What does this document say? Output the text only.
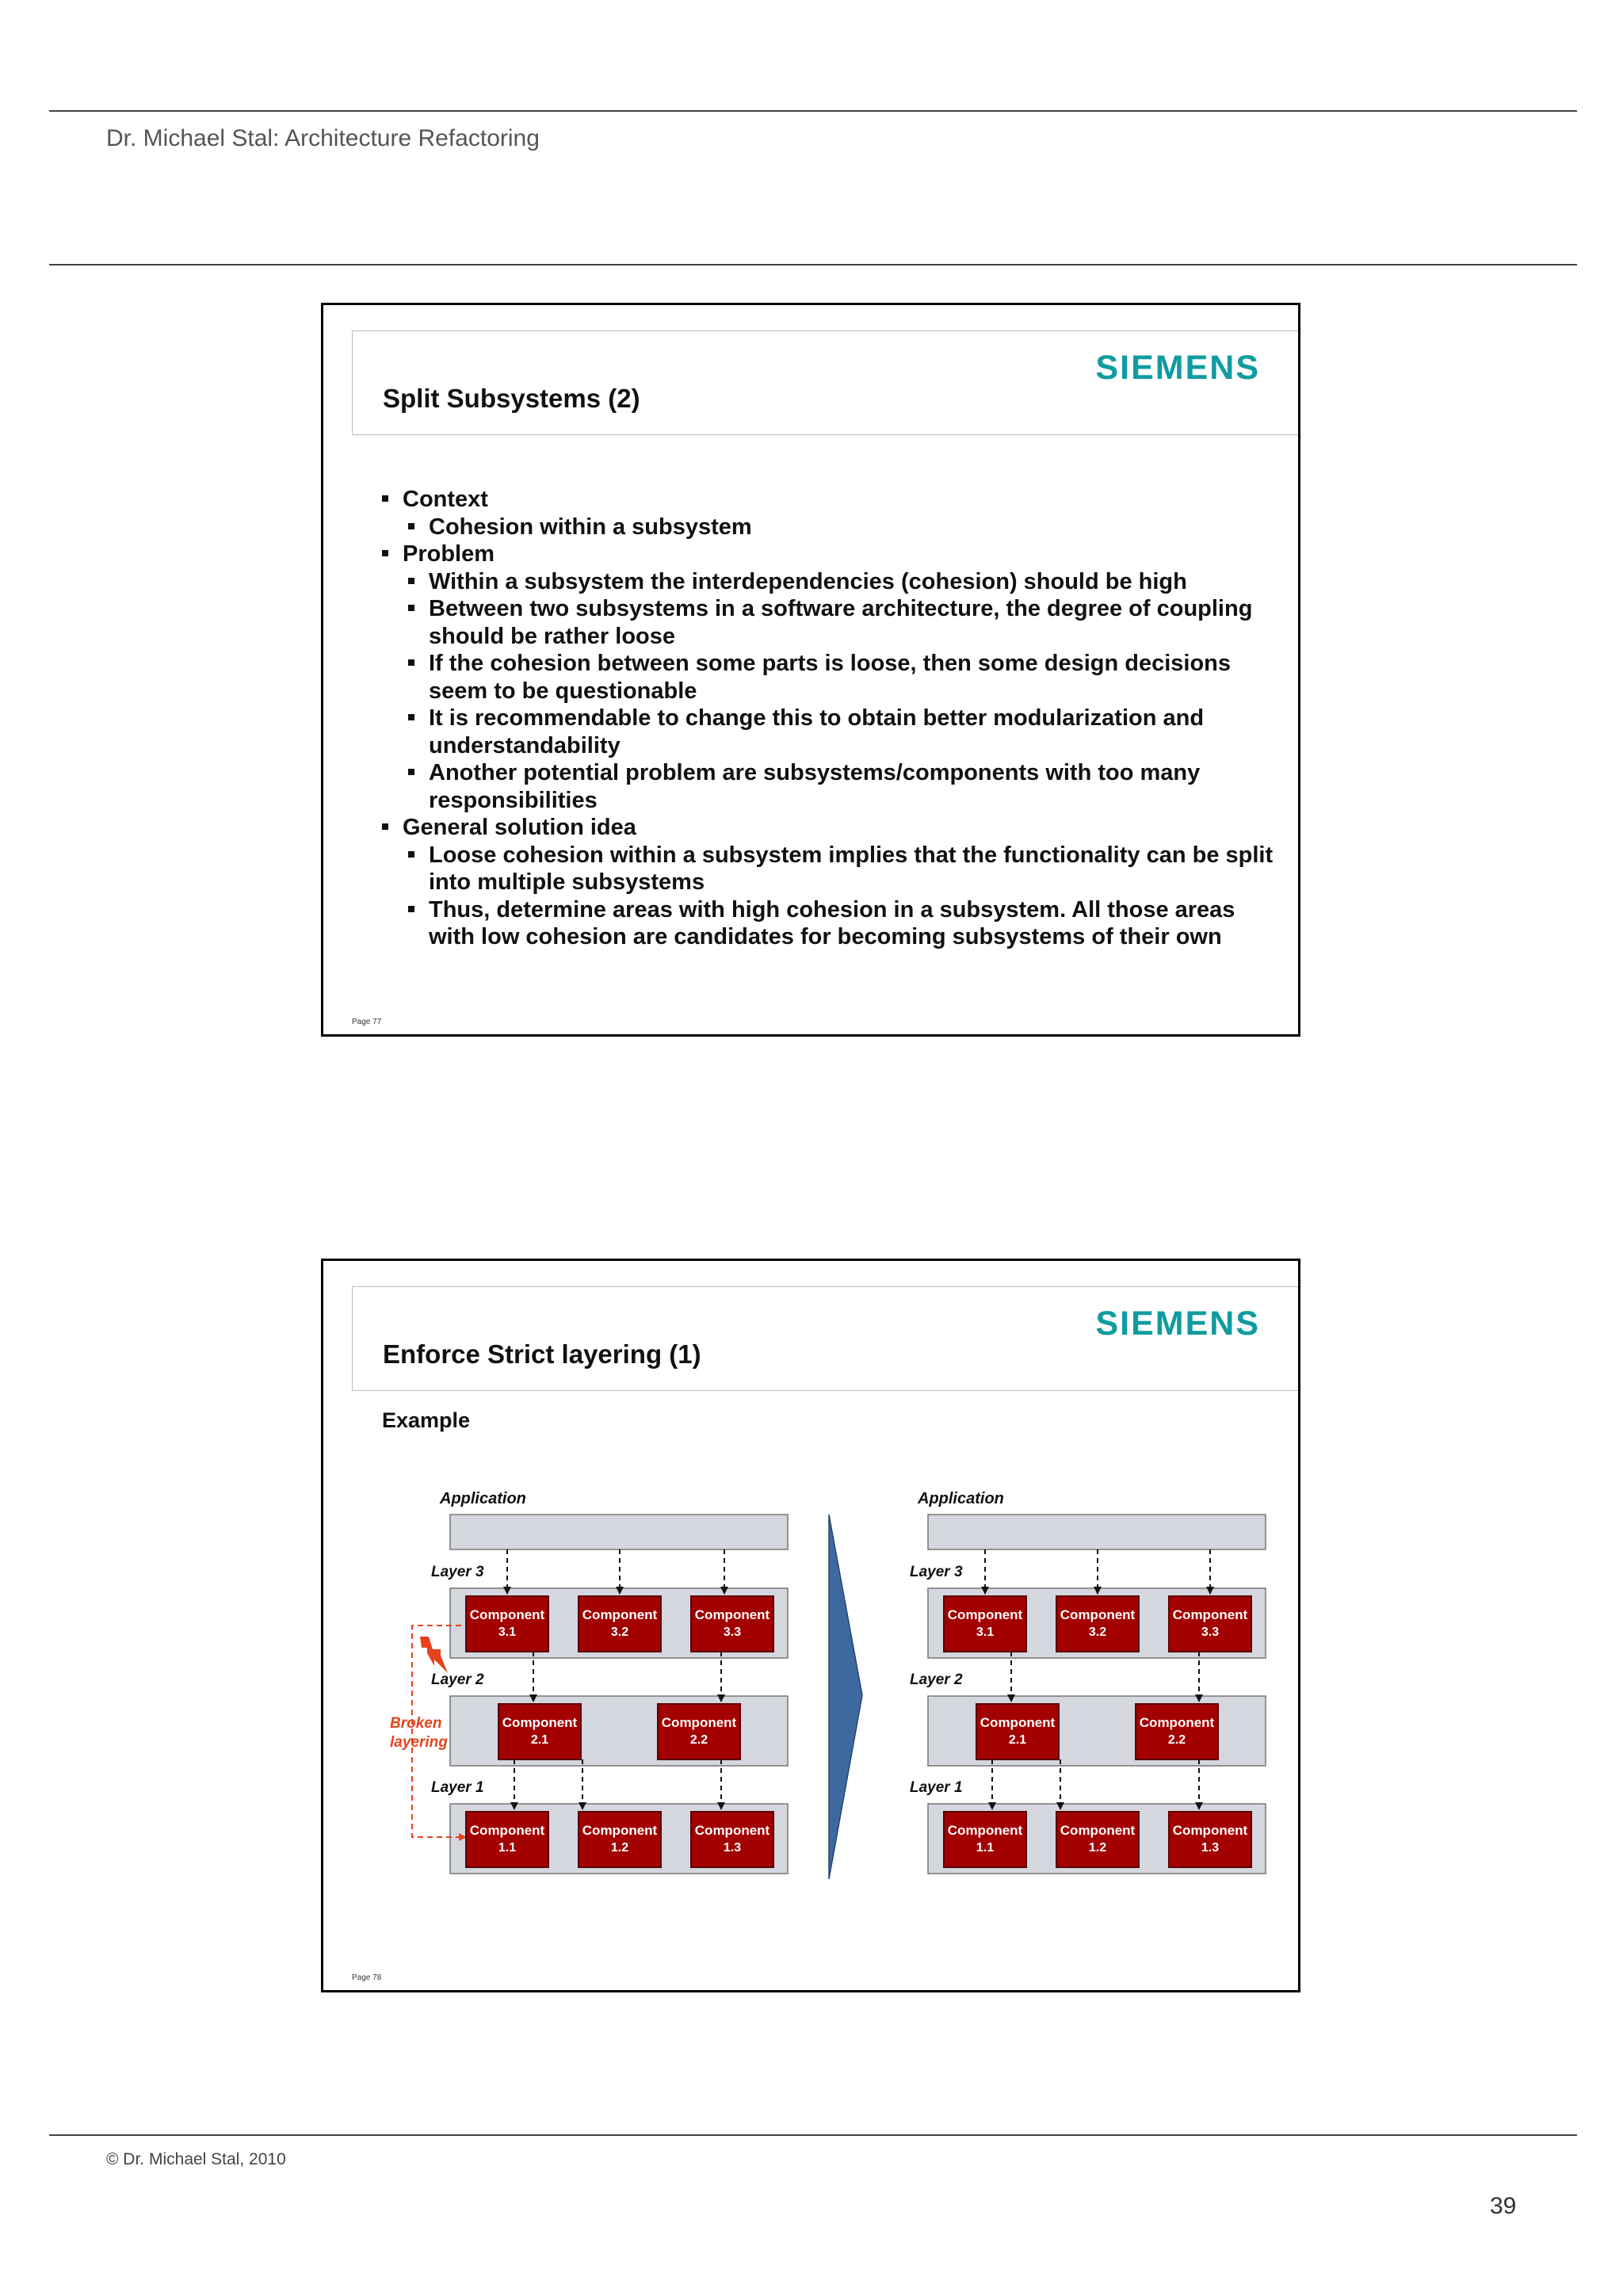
Dr. Michael Stal: Architecture Refactoring
Split Subsystems (2)
SIEMENS
Context
Cohesion within a subsystem
Problem
Within a subsystem the interdependencies (cohesion) should be high
Between two subsystems in a software architecture, the degree of coupling should be rather loose
If the cohesion between some parts is loose, then some design decisions seem to be questionable
It is recommendable to change this to obtain better modularization and understandability
Another potential problem are subsystems/components with too many responsibilities
General solution idea
Loose cohesion within a subsystem implies that the functionality can be split into multiple subsystems
Thus, determine areas with high cohesion in a subsystem. All those areas with low cohesion are candidates for becoming subsystems of their own
Page 77
Enforce Strict layering (1)
SIEMENS
Example
Application
Layer 3
Layer 2
Layer 1
Broken
layering
Component
3.1
Component
3.2
Component
3.3
Component
2.1
Component
2.2
Component
1.1
Component
1.2
Component
1.3
Application
Layer 3
Layer 2
Layer 1
Component
3.1
Component
3.2
Component
3.3
Component
2.1
Component
2.2
Component
1.1
Component
1.2
Component
1.3
Page 78
© Dr. Michael Stal, 2010
39
